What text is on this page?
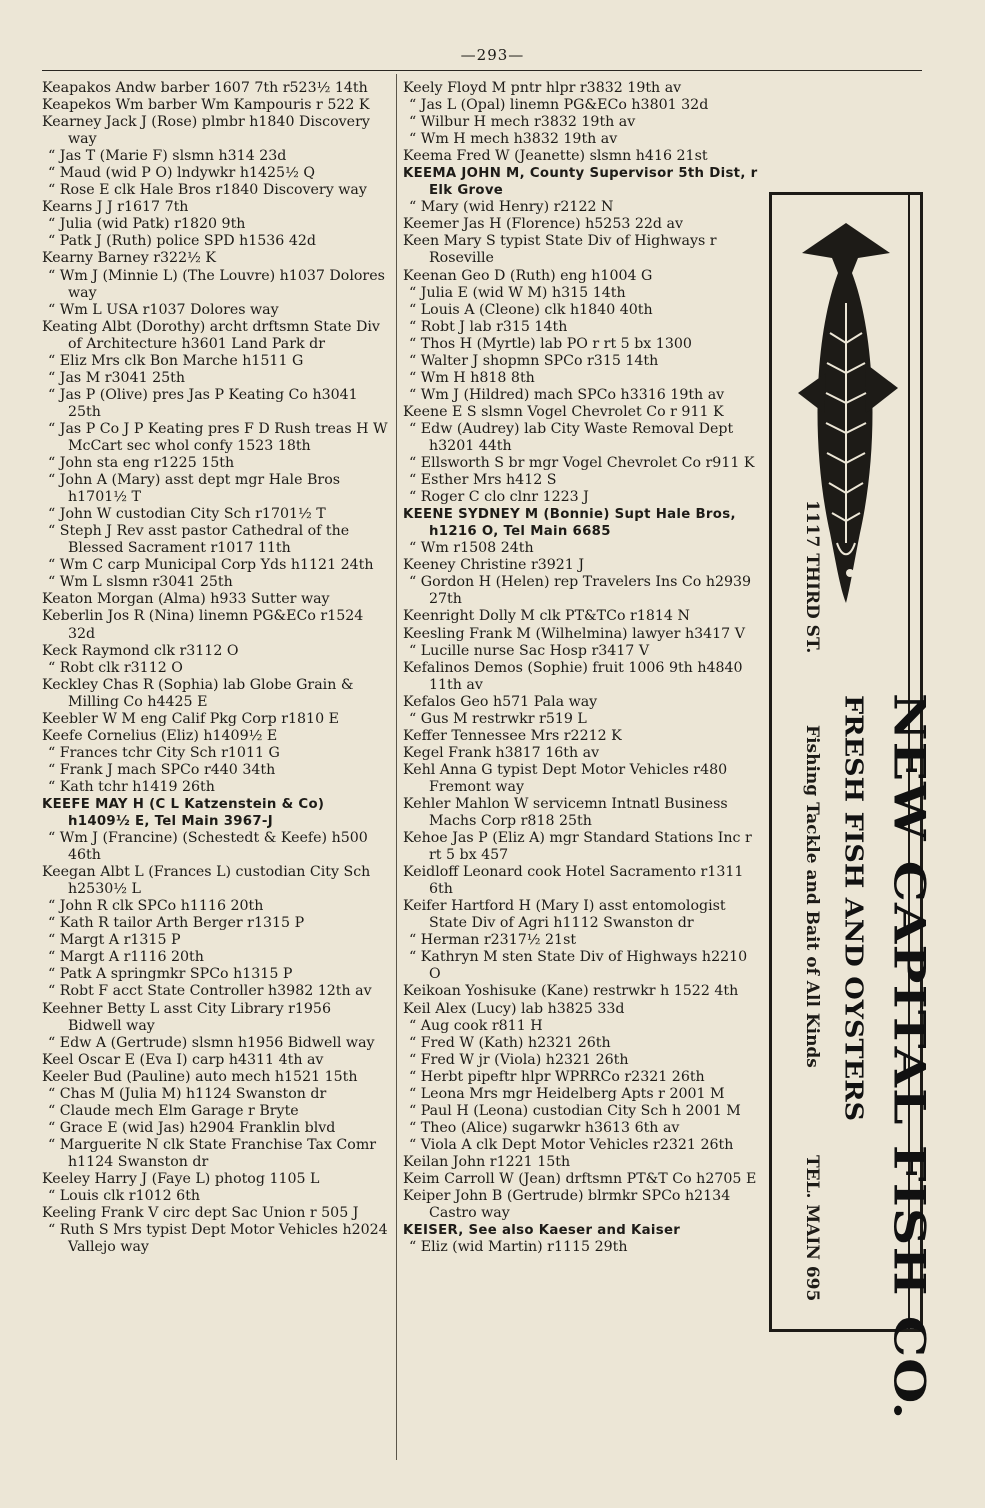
—293—

Keapakos Andw barber 1607 7th r523½ 14th

Keapekos Wm barber Wm Kampouris r 522 K

Kearney Jack J (Rose) plmbr h1840 Discovery way

“ Jas T (Marie F) slsmn h314 23d

“ Maud (wid P O) lndywkr h1425½ Q

“ Rose E clk Hale Bros r1840 Discovery way

Kearns J J r1617 7th

“ Julia (wid Patk) r1820 9th

“ Patk J (Ruth) police SPD h1536 42d

Kearny Barney r322½ K

“ Wm J (Minnie L) (The Louvre) h1037 Dolores way

“ Wm L USA r1037 Dolores way

Keating Albt (Dorothy) archt drftsmn State Div of Architecture h3601 Land Park dr

“ Eliz Mrs clk Bon Marche h1511 G

“ Jas M r3041 25th

“ Jas P (Olive) pres Jas P Keating Co h3041 25th

“ Jas P Co J P Keating pres F D Rush treas H W McCart sec whol confy 1523 18th

“ John sta eng r1225 15th

“ John A (Mary) asst dept mgr Hale Bros h1701½ T

“ John W custodian City Sch r1701½ T

“ Steph J Rev asst pastor Cathedral of the Blessed Sacrament r1017 11th

“ Wm C carp Municipal Corp Yds h1121 24th

“ Wm L slsmn r3041 25th

Keaton Morgan (Alma) h933 Sutter way

Keberlin Jos R (Nina) linemn PG&ECo r1524 32d

Keck Raymond clk r3112 O

“ Robt clk r3112 O

Keckley Chas R (Sophia) lab Globe Grain & Milling Co h4425 E

Keebler W M eng Calif Pkg Corp r1810 E

Keefe Cornelius (Eliz) h1409½ E

“ Frances tchr City Sch r1011 G

“ Frank J mach SPCo r440 34th

“ Kath tchr h1419 26th

KEEFE MAY H (C L Katzenstein & Co) h1409½ E, Tel Main 3967-J

“ Wm J (Francine) (Schestedt & Keefe) h500 46th

Keegan Albt L (Frances L) custodian City Sch h2530½ L

“ John R clk SPCo h1116 20th

“ Kath R tailor Arth Berger r1315 P

“ Margt A r1315 P

“ Margt A r1116 20th

“ Patk A springmkr SPCo h1315 P

“ Robt F acct State Controller h3982 12th av

Keehner Betty L asst City Library r1956 Bidwell way

“ Edw A (Gertrude) slsmn h1956 Bidwell way

Keel Oscar E (Eva I) carp h4311 4th av

Keeler Bud (Pauline) auto mech h1521 15th

“ Chas M (Julia M) h1124 Swanston dr

“ Claude mech Elm Garage r Bryte

“ Grace E (wid Jas) h2904 Franklin blvd

“ Marguerite N clk State Franchise Tax Comr h1124 Swanston dr

Keeley Harry J (Faye L) photog 1105 L

“ Louis clk r1012 6th

Keeling Frank V circ dept Sac Union r 505 J

“ Ruth S Mrs typist Dept Motor Vehicles h2024 Vallejo way

Keely Floyd M pntr hlpr r3832 19th av

“ Jas L (Opal) linemn PG&ECo h3801 32d

“ Wilbur H mech r3832 19th av

“ Wm H mech h3832 19th av

Keema Fred W (Jeanette) slsmn h416 21st

KEEMA JOHN M, County Supervisor 5th Dist, r Elk Grove

“ Mary (wid Henry) r2122 N

Keemer Jas H (Florence) h5253 22d av

Keen Mary S typist State Div of Highways r Roseville

Keenan Geo D (Ruth) eng h1004 G

“ Julia E (wid W M) h315 14th

“ Louis A (Cleone) clk h1840 40th

“ Robt J lab r315 14th

“ Thos H (Myrtle) lab PO r rt 5 bx 1300

“ Walter J shopmn SPCo r315 14th

“ Wm H h818 8th

“ Wm J (Hildred) mach SPCo h3316 19th av

Keene E S slsmn Vogel Chevrolet Co r 911 K

“ Edw (Audrey) lab City Waste Removal Dept h3201 44th

“ Ellsworth S br mgr Vogel Chevrolet Co r911 K

“ Esther Mrs h412 S

“ Roger C clo clnr 1223 J

KEENE SYDNEY M (Bonnie) Supt Hale Bros, h1216 O, Tel Main 6685

“ Wm r1508 24th

Keeney Christine r3921 J

“ Gordon H (Helen) rep Travelers Ins Co h2939 27th

Keenright Dolly M clk PT&TCo r1814 N

Keesling Frank M (Wilhelmina) lawyer h3417 V

“ Lucille nurse Sac Hosp r3417 V

Kefalinos Demos (Sophie) fruit 1006 9th h4840 11th av

Kefalos Geo h571 Pala way

“ Gus M restrwkr r519 L

Keffer Tennessee Mrs r2212 K

Kegel Frank h3817 16th av

Kehl Anna G typist Dept Motor Vehicles r480 Fremont way

Kehler Mahlon W servicemn Intnatl Business Machs Corp r818 25th

Kehoe Jas P (Eliz A) mgr Standard Stations Inc r rt 5 bx 457

Keidloff Leonard cook Hotel Sacramento r1311 6th

Keifer Hartford H (Mary I) asst entomologist State Div of Agri h1112 Swanston dr

“ Herman r2317½ 21st

“ Kathryn M sten State Div of Highways h2210 O

Keikoan Yoshisuke (Kane) restrwkr h 1522 4th

Keil Alex (Lucy) lab h3825 33d

“ Aug cook r811 H

“ Fred W (Kath) h2321 26th

“ Fred W jr (Viola) h2321 26th

“ Herbt pipeftr hlpr WPRRCo r2321 26th

“ Leona Mrs mgr Heidelberg Apts r 2001 M

“ Paul H (Leona) custodian City Sch h 2001 M

“ Theo (Alice) sugarwkr h3613 6th av

“ Viola A clk Dept Motor Vehicles r2321 26th

Keilan John r1221 15th

Keim Carroll W (Jean) drftsmn PT&T Co h2705 E

Keiper John B (Gertrude) blrmkr SPCo h2134 Castro way

KEISER, See also Kaeser and Kaiser

“ Eliz (wid Martin) r1115 29th	NEW CAPITAL FISH CO.
FRESH FISH AND OYSTERS
1117 THIRD ST.
Fishing Tackle and Bait of All Kinds
TEL. MAIN 695
